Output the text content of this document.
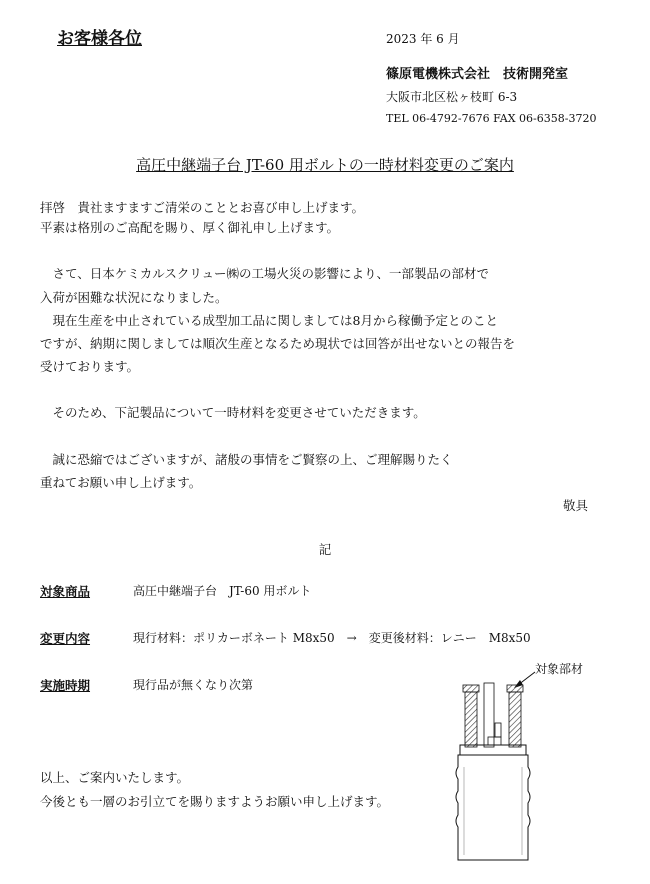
お客様各位	2023 年 6 月
篠原電機株式会社　技術開発室
大阪市北区松ヶ枝町 6-3
TEL 06-4792-7676 FAX 06-6358-3720
高圧中継端子台 JT-60 用ボルトの一時材料変更のご案内
拝啓　貴社ますますご清栄のこととお喜び申し上げます。
平素は格別のご高配を賜り、厚く御礼申し上げます。
　さて、日本ケミカルスクリュー㈱の工場火災の影響により、一部製品の部材で
入荷が困難な状況になりました。
　現在生産を中止されている成型加工品に関しましては8月から稼働予定とのこと
ですが、納期に関しましては順次生産となるため現状では回答が出せないとの報告を
受けております。
　そのため、下記製品について一時材料を変更させていただきます。
　誠に恐縮ではございますが、諸般の事情をご賢察の上、ご理解賜りたく
重ねてお願い申し上げます。
敬具
記
対象商品	高圧中継端子台　JT-60 用ボルト
変更内容	現行材料：ポリカーボネート M8x50　→　変更後材料：レニー　M8x50
実施時期	現行品が無くなり次第
以上、ご案内いたします。
今後とも一層のお引立てを賜りますようお願い申し上げます。
対象部材
